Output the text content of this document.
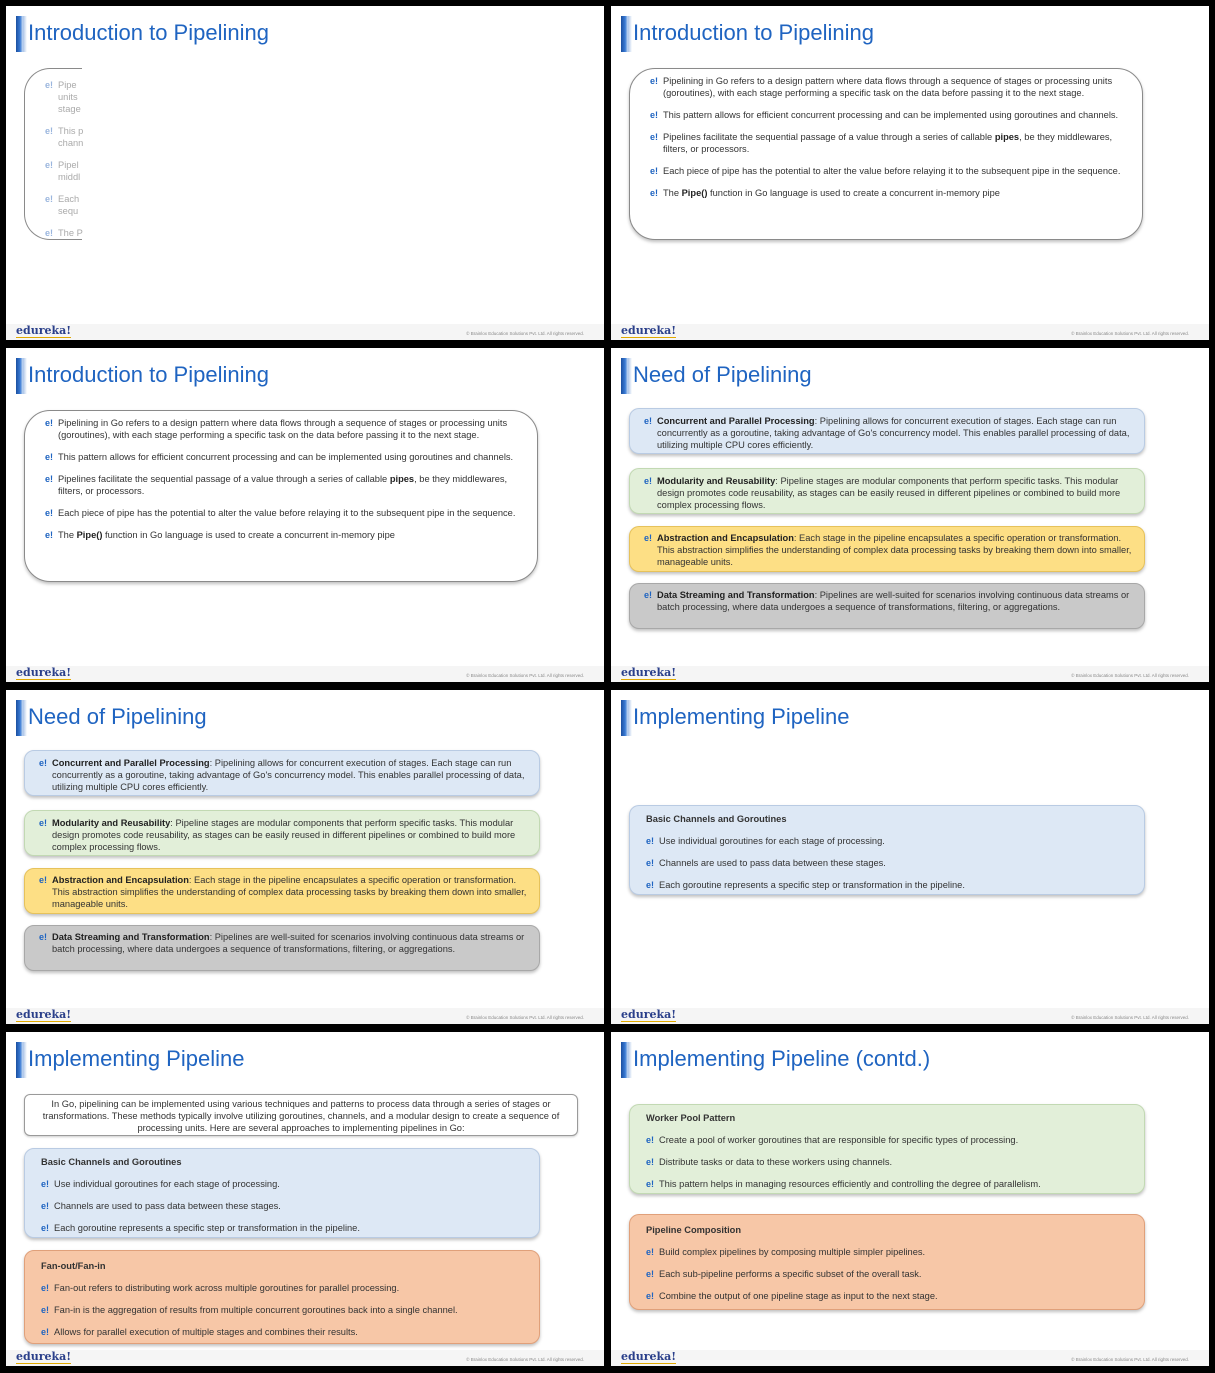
Introduction to Pipelining
e! Pipe
units
stage
e! This p
chann
e! Pipel
middl
e! Each
sequ
e! The P
edureka!	© Brainlox Education Solutions Pvt. Ltd. All rights reserved.
Introduction to Pipelining
e! Pipelining in Go refers to a design pattern where data flows through a sequence of stages or processing units (goroutines), with each stage performing a specific task on the data before passing it to the next stage.
e! This pattern allows for efficient concurrent processing and can be implemented using goroutines and channels.
e! Pipelines facilitate the sequential passage of a value through a series of callable pipes, be they middlewares, filters, or processors.
e! Each piece of pipe has the potential to alter the value before relaying it to the subsequent pipe in the sequence.
e! The Pipe() function in Go language is used to create a concurrent in-memory pipe
edureka!	© Brainlox Education Solutions Pvt. Ltd. All rights reserved.
Introduction to Pipelining
e! Pipelining in Go refers to a design pattern where data flows through a sequence of stages or processing units (goroutines), with each stage performing a specific task on the data before passing it to the next stage.
e! This pattern allows for efficient concurrent processing and can be implemented using goroutines and channels.
e! Pipelines facilitate the sequential passage of a value through a series of callable pipes, be they middlewares, filters, or processors.
e! Each piece of pipe has the potential to alter the value before relaying it to the subsequent pipe in the sequence.
e! The Pipe() function in Go language is used to create a concurrent in-memory pipe
edureka!	© Brainlox Education Solutions Pvt. Ltd. All rights reserved.
Need of Pipelining
e! Concurrent and Parallel Processing: Pipelining allows for concurrent execution of stages. Each stage can run concurrently as a goroutine, taking advantage of Go's concurrency model. This enables parallel processing of data, utilizing multiple CPU cores efficiently.
e! Modularity and Reusability: Pipeline stages are modular components that perform specific tasks. This modular design promotes code reusability, as stages can be easily reused in different pipelines or combined to build more complex processing flows.
e! Abstraction and Encapsulation: Each stage in the pipeline encapsulates a specific operation or transformation. This abstraction simplifies the understanding of complex data processing tasks by breaking them down into smaller, manageable units.
e! Data Streaming and Transformation: Pipelines are well-suited for scenarios involving continuous data streams or batch processing, where data undergoes a sequence of transformations, filtering, or aggregations.
edureka!	© Brainlox Education Solutions Pvt. Ltd. All rights reserved.
Need of Pipelining
e! Concurrent and Parallel Processing: Pipelining allows for concurrent execution of stages. Each stage can run concurrently as a goroutine, taking advantage of Go's concurrency model. This enables parallel processing of data, utilizing multiple CPU cores efficiently.
e! Modularity and Reusability: Pipeline stages are modular components that perform specific tasks. This modular design promotes code reusability, as stages can be easily reused in different pipelines or combined to build more complex processing flows.
e! Abstraction and Encapsulation: Each stage in the pipeline encapsulates a specific operation or transformation. This abstraction simplifies the understanding of complex data processing tasks by breaking them down into smaller, manageable units.
e! Data Streaming and Transformation: Pipelines are well-suited for scenarios involving continuous data streams or batch processing, where data undergoes a sequence of transformations, filtering, or aggregations.
edureka!	© Brainlox Education Solutions Pvt. Ltd. All rights reserved.
Implementing Pipeline
Basic Channels and Goroutines
e! Use individual goroutines for each stage of processing.
e! Channels are used to pass data between these stages.
e! Each goroutine represents a specific step or transformation in the pipeline.
edureka!	© Brainlox Education Solutions Pvt. Ltd. All rights reserved.
Implementing Pipeline
In Go, pipelining can be implemented using various techniques and patterns to process data through a series of stages or transformations. These methods typically involve utilizing goroutines, channels, and a modular design to create a sequence of processing units. Here are several approaches to implementing pipelines in Go:
Basic Channels and Goroutines
e! Use individual goroutines for each stage of processing.
e! Channels are used to pass data between these stages.
e! Each goroutine represents a specific step or transformation in the pipeline.
Fan-out/Fan-in
e! Fan-out refers to distributing work across multiple goroutines for parallel processing.
e! Fan-in is the aggregation of results from multiple concurrent goroutines back into a single channel.
e! Allows for parallel execution of multiple stages and combines their results.
edureka!	© Brainlox Education Solutions Pvt. Ltd. All rights reserved.
Implementing Pipeline (contd.)
Worker Pool Pattern
e! Create a pool of worker goroutines that are responsible for specific types of processing.
e! Distribute tasks or data to these workers using channels.
e! This pattern helps in managing resources efficiently and controlling the degree of parallelism.
Pipeline Composition
e! Build complex pipelines by composing multiple simpler pipelines.
e! Each sub-pipeline performs a specific subset of the overall task.
e! Combine the output of one pipeline stage as input to the next stage.
edureka!	© Brainlox Education Solutions Pvt. Ltd. All rights reserved.
